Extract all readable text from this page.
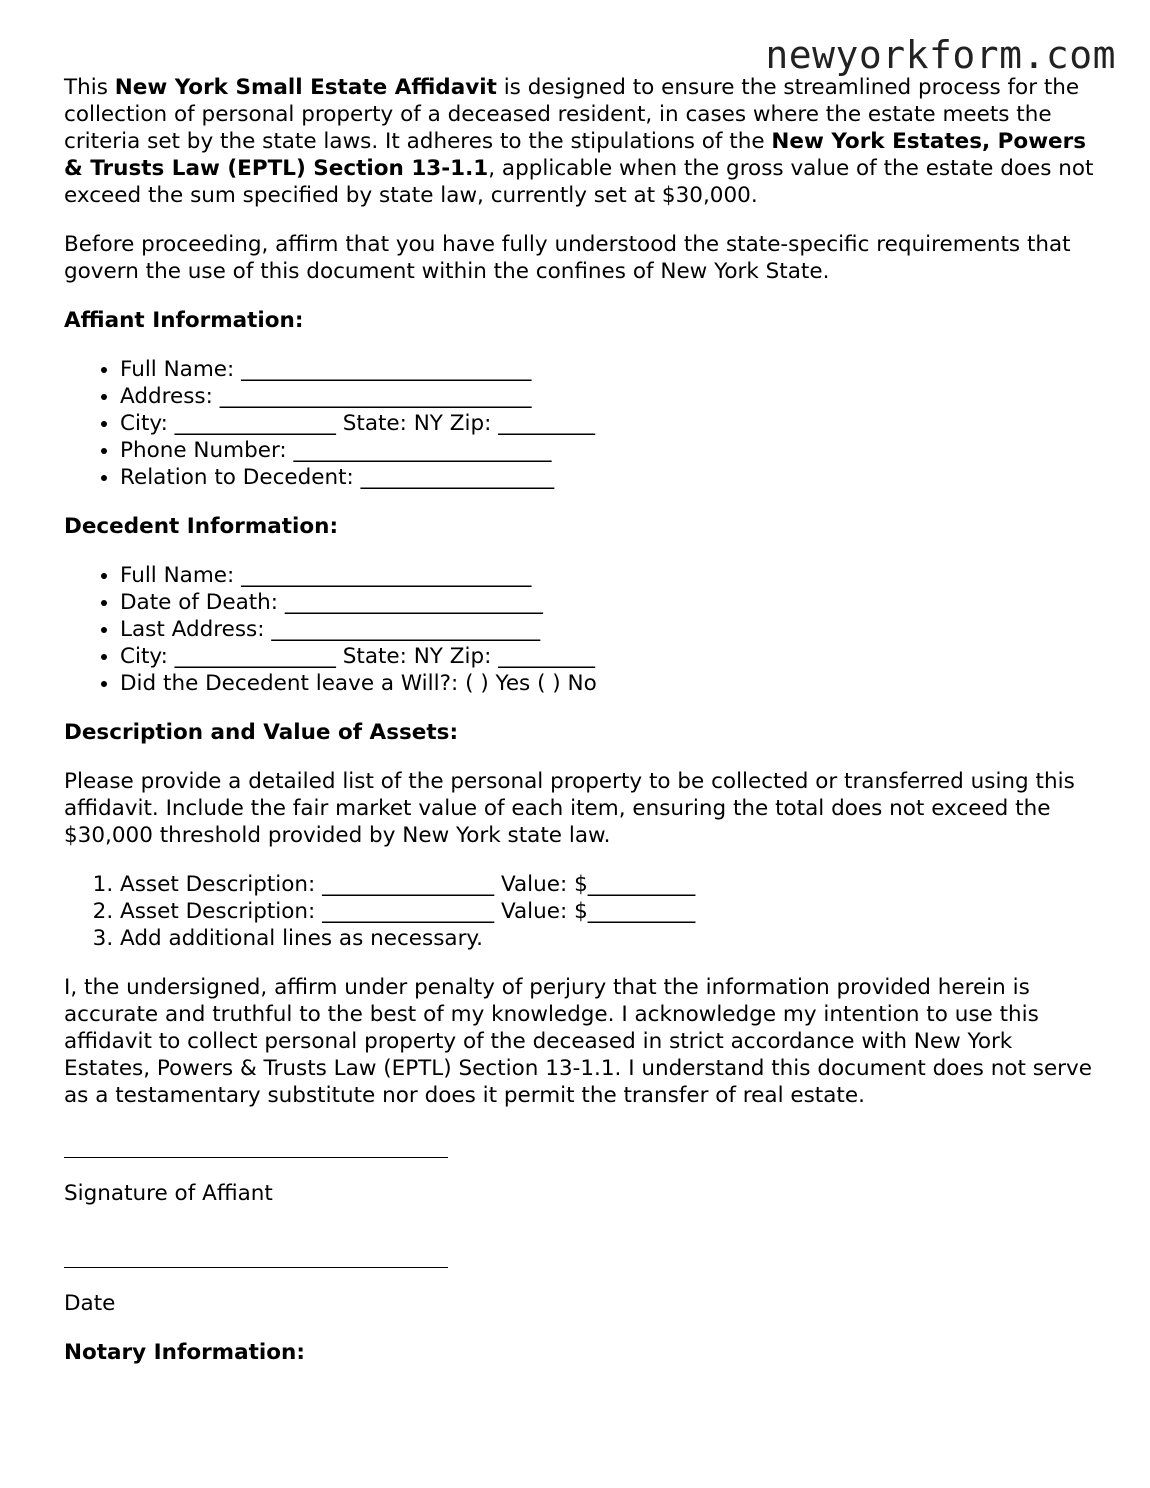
newyorkform.com

This New York Small Estate Affidavit is designed to ensure the streamlined process for the collection of personal property of a deceased resident, in cases where the estate meets the criteria set by the state laws. It adheres to the stipulations of the New York Estates, Powers & Trusts Law (EPTL) Section 13-1.1, applicable when the gross value of the estate does not exceed the sum specified by state law, currently set at $30,000.

Before proceeding, affirm that you have fully understood the state-specific requirements that govern the use of this document within the confines of New York State.

Affiant Information:
• Full Name: ___________________________
• Address: _____________________________
• City: _______________ State: NY Zip: _________
• Phone Number: ________________________
• Relation to Decedent: __________________
Decedent Information:
• Full Name: ___________________________
• Date of Death: ________________________
• Last Address: _________________________
• City: _______________ State: NY Zip: _________
• Did the Decedent leave a Will?: ( ) Yes ( ) No
Description and Value of Assets:

Please provide a detailed list of the personal property to be collected or transferred using this affidavit. Include the fair market value of each item, ensuring the total does not exceed the $30,000 threshold provided by New York state law.

1. Asset Description: ________________ Value: $__________
2. Asset Description: ________________ Value: $__________
3. Add additional lines as necessary.

I, the undersigned, affirm under penalty of perjury that the information provided herein is accurate and truthful to the best of my knowledge. I acknowledge my intention to use this affidavit to collect personal property of the deceased in strict accordance with New York Estates, Powers & Trusts Law (EPTL) Section 13-1.1. I understand this document does not serve as a testamentary substitute nor does it permit the transfer of real estate.

Signature of Affiant
Date
Notary Information:
